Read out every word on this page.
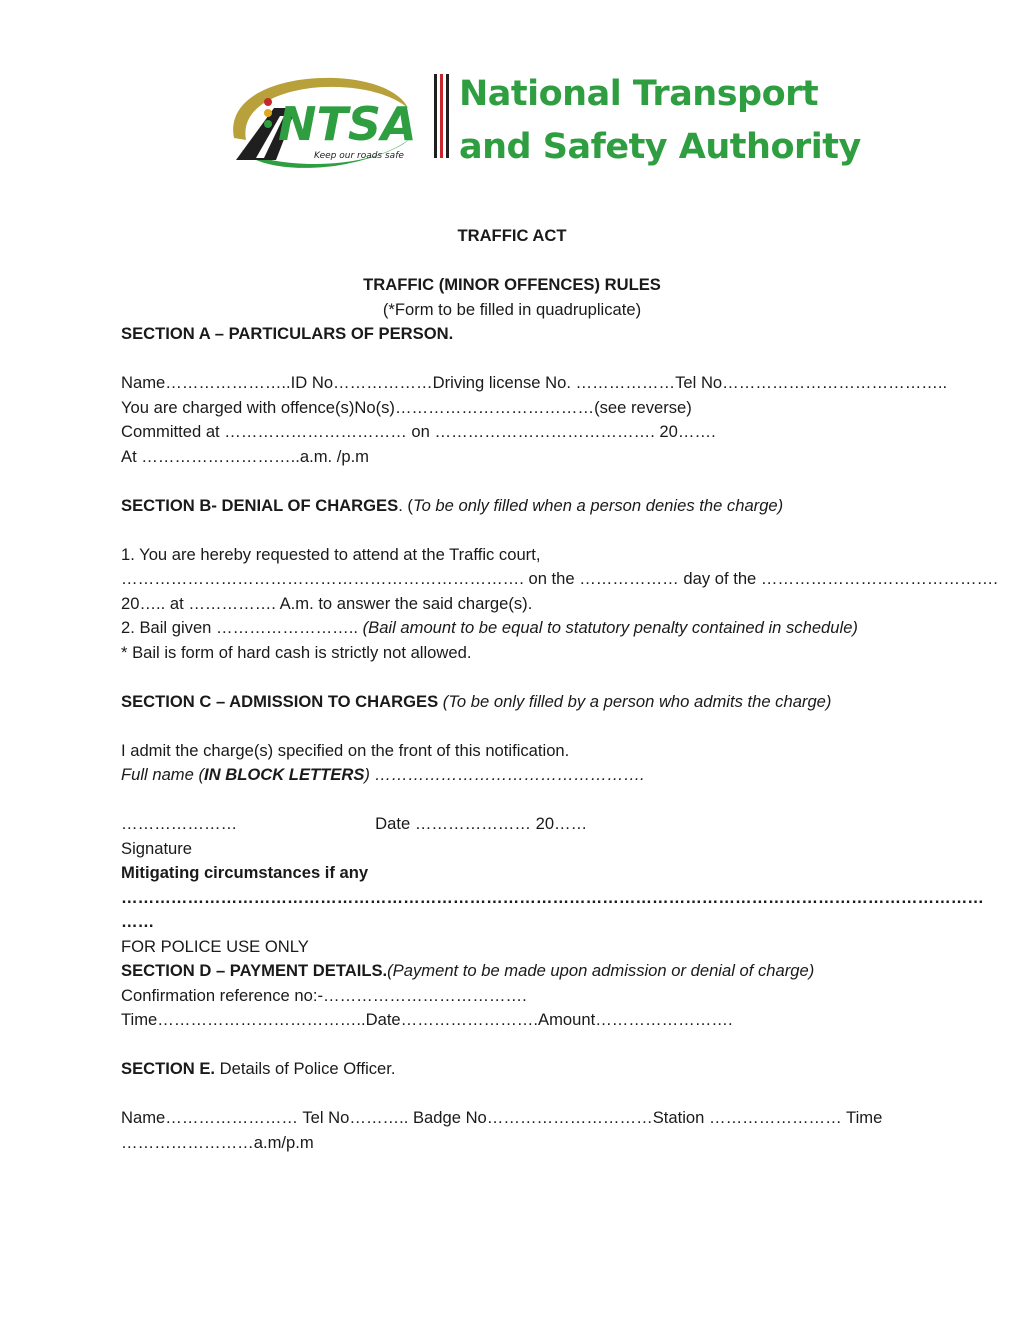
NTSA
Keep our roads safe
National Transport
and Safety Authority
TRAFFIC ACT
TRAFFIC (MINOR OFFENCES) RULES
(*Form to be filled in quadruplicate)
SECTION A – PARTICULARS OF PERSON.
Name…………………..ID No………………Driving license No. ………………Tel No…………………………………..
You are charged with offence(s)No(s)………………………………(see reverse)
Committed at …………………………… on …………………………………. 20…….
At ………………………..a.m. /p.m
SECTION B- DENIAL OF CHARGES. (To be only filled when a person denies the charge)
1. You are hereby requested to attend at the Traffic court,
………………………………………………………………. on the ……………… day of the …………………………………….
20….. at ……………. A.m. to answer the said charge(s).
2. Bail given …………………….. (Bail amount to be equal to statutory penalty contained in schedule)
* Bail is form of hard cash is strictly not allowed.
SECTION C – ADMISSION TO CHARGES (To be only filled by a person who admits the charge)
I admit the charge(s) specified on the front of this notification.
Full name (IN BLOCK LETTERS) ………………………………………….
…………………	Date ………………… 20……
Signature
Mitigating circumstances if any
…………………………………………………………………………………………………………………………………………
……
FOR POLICE USE ONLY
SECTION D – PAYMENT DETAILS.(Payment to be made upon admission or denial of charge)
Confirmation reference no:-……………………………….
Time………………………………..Date…………………….Amount…………………….
SECTION E. Details of Police Officer.
Name…………………… Tel No……….. Badge No…………………………Station …………………… Time
……………………a.m/p.m
